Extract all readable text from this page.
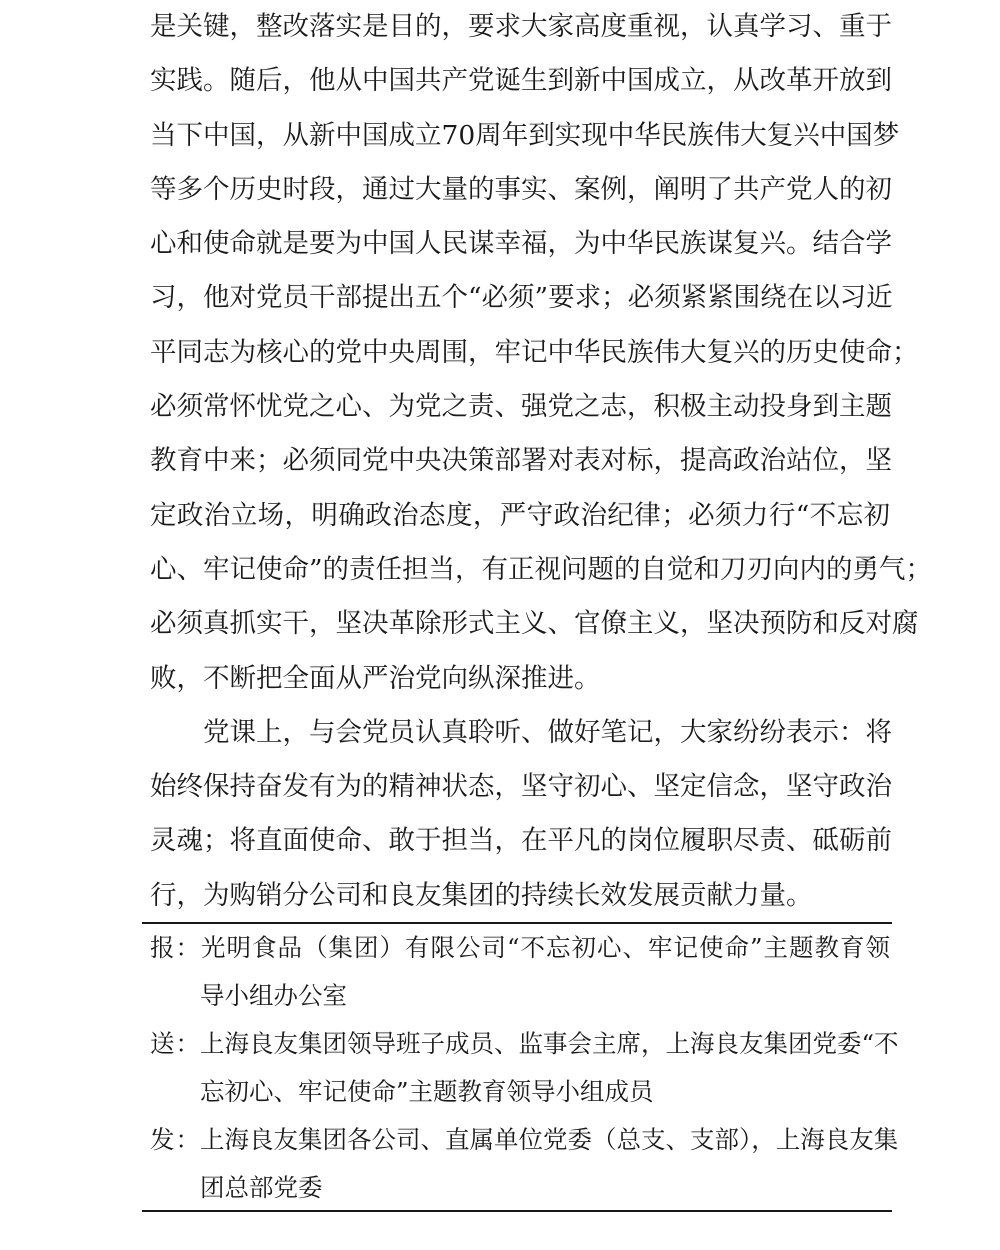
是关键，整改落实是目的，要求大家高度重视，认真学习、重于
实践。随后，他从中国共产党诞生到新中国成立，从改革开放到
当下中国，从新中国成立70周年到实现中华民族伟大复兴中国梦
等多个历史时段，通过大量的事实、案例，阐明了共产党人的初
心和使命就是要为中国人民谋幸福，为中华民族谋复兴。结合学
习，他对党员干部提出五个“必须”要求；必须紧紧围绕在以习近
平同志为核心的党中央周围，牢记中华民族伟大复兴的历史使命；
必须常怀忧党之心、为党之责、强党之志，积极主动投身到主题
教育中来；必须同党中央决策部署对表对标，提高政治站位，坚
定政治立场，明确政治态度，严守政治纪律；必须力行“不忘初
心、牢记使命”的责任担当，有正视问题的自觉和刀刃向内的勇气；
必须真抓实干，坚决革除形式主义、官僚主义，坚决预防和反对腐
败，不断把全面从严治党向纵深推进。
党课上，与会党员认真聆听、做好笔记，大家纷纷表示：将
始终保持奋发有为的精神状态，坚守初心、坚定信念，坚守政治
灵魂；将直面使命、敢于担当，在平凡的岗位履职尽责、砥砺前
行，为购销分公司和良友集团的持续长效发展贡献力量。
报：光明食品（集团）有限公司“不忘初心、牢记使命”主题教育领
导小组办公室
送：上海良友集团领导班子成员、监事会主席，上海良友集团党委“不
忘初心、牢记使命”主题教育领导小组成员
发：上海良友集团各公司、直属单位党委（总支、支部），上海良友集
团总部党委
